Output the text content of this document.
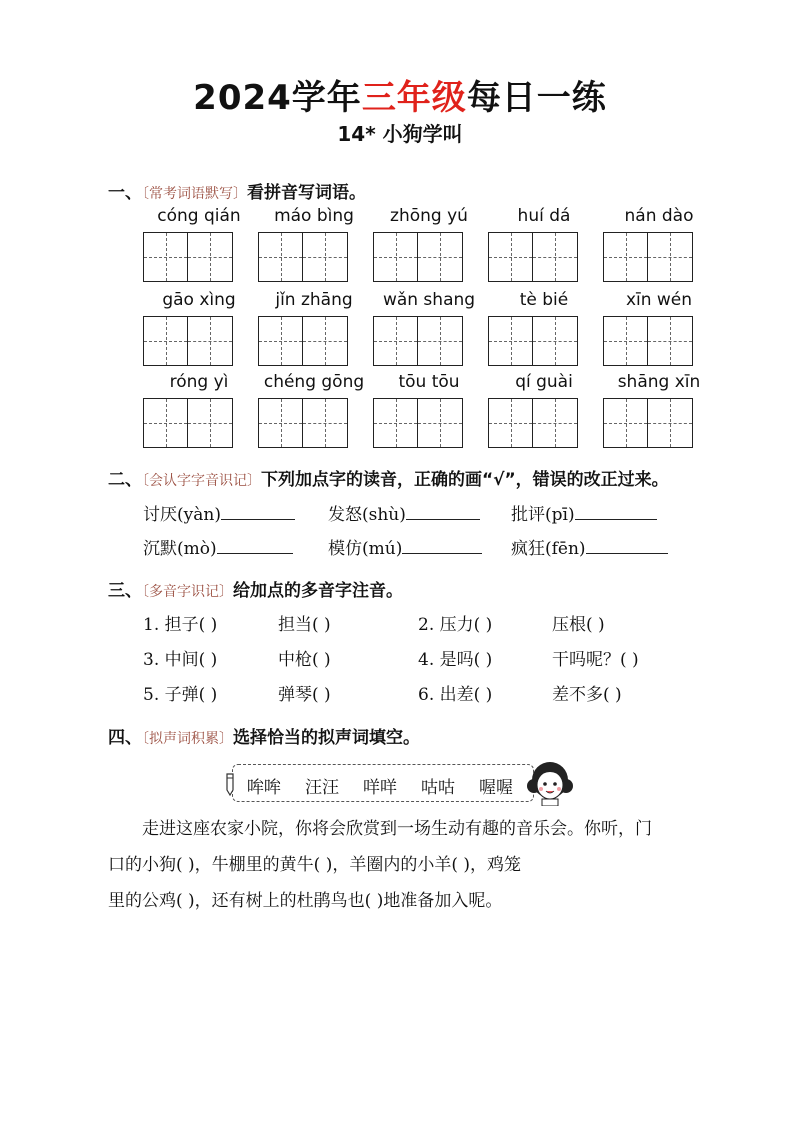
2024学年三年级每日一练
14* 小狗学叫
一、〔常考词语默写〕看拼音写词语。
cóng qián	máo bìng	zhōng yú	huí dá	nán dào
gāo xìng	jǐn zhāng	wǎn shang	tè bié	xīn wén
róng yì	chéng gōng	tōu tōu	qí guài	shāng xīn
二、〔会认字字音识记〕下列加点字的读音，正确的画“√”，错误的改正过来。
讨厌(yàn)	发怒(shù)	批评(pī)
沉默(mò)	模仿(mú)	疯狂(fēn)
三、〔多音字识记〕给加点的多音字注音。
1. 担子( )	担当( )	2. 压力( )	压根( )
3. 中间( )	中枪( )	4. 是吗( )	干吗呢？( )
5. 子弹( )	弹琴( )	6. 出差( )	差不多( )
四、〔拟声词积累〕选择恰当的拟声词填空。
哞哞 汪汪 咩咩 咕咕 喔喔
走进这座农家小院，你将会欣赏到一场生动有趣的音乐会。你听，门
口的小狗( )，牛棚里的黄牛( )，羊圈内的小羊( )，鸡笼
里的公鸡( )，还有树上的杜鹃鸟也( )地准备加入呢。
